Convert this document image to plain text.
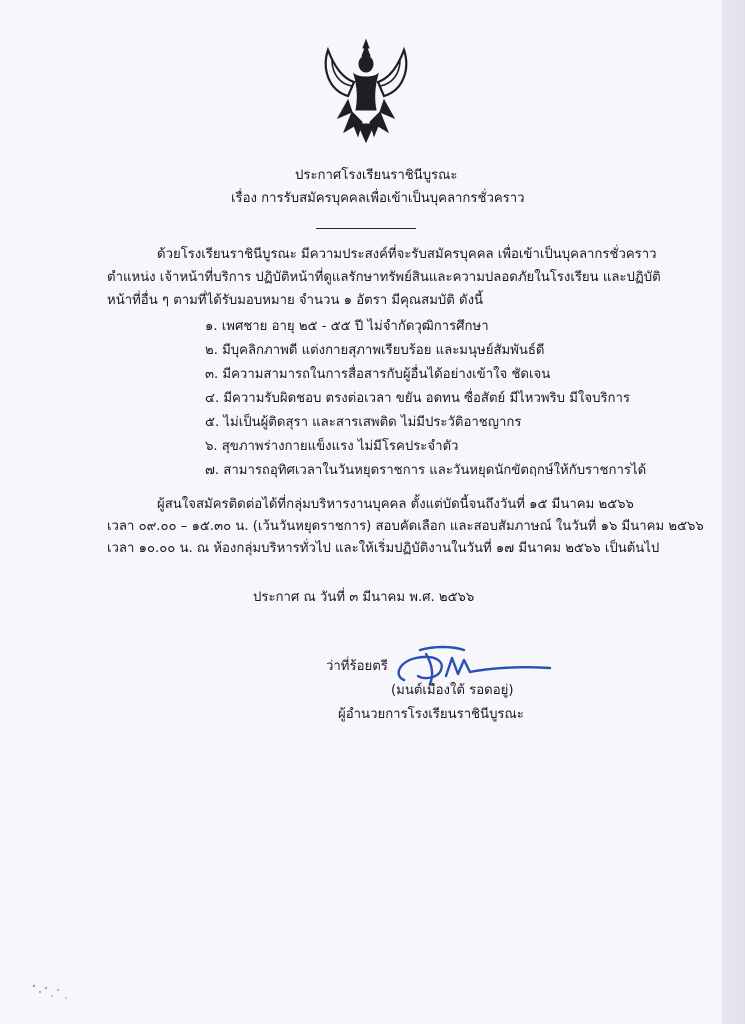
ประกาศโรงเรียนราชินีบูรณะ
เรื่อง การรับสมัครบุคคลเพื่อเข้าเป็นบุคลากรชั่วคราว
ด้วยโรงเรียนราชินีบูรณะ มีความประสงค์ที่จะรับสมัครบุคคล เพื่อเข้าเป็นบุคลากรชั่วคราว
ตำแหน่ง เจ้าหน้าที่บริการ ปฏิบัติหน้าที่ดูแลรักษาทรัพย์สินและความปลอดภัยในโรงเรียน และปฏิบัติ
หน้าที่อื่น ๆ ตามที่ได้รับมอบหมาย จำนวน ๑ อัตรา มีคุณสมบัติ ดังนี้
๑. เพศชาย อายุ ๒๕ - ๕๕ ปี ไม่จำกัดวุฒิการศึกษา
๒. มีบุคลิกภาพดี แต่งกายสุภาพเรียบร้อย และมนุษย์สัมพันธ์ดี
๓. มีความสามารถในการสื่อสารกับผู้อื่นได้อย่างเข้าใจ ชัดเจน
๔. มีความรับผิดชอบ ตรงต่อเวลา ขยัน อดทน ซื่อสัตย์ มีไหวพริบ มีใจบริการ
๕. ไม่เป็นผู้ติดสุรา และสารเสพติด ไม่มีประวัติอาชญากร
๖. สุขภาพร่างกายแข็งแรง ไม่มีโรคประจำตัว
๗. สามารถอุทิศเวลาในวันหยุดราชการ และวันหยุดนักขัตฤกษ์ให้กับราชการได้
ผู้สนใจสมัครติดต่อได้ที่กลุ่มบริหารงานบุคคล ตั้งแต่บัดนี้จนถึงวันที่ ๑๕ มีนาคม ๒๕๖๖
เวลา ๐๙.๐๐ – ๑๕.๓๐ น. (เว้นวันหยุดราชการ) สอบคัดเลือก และสอบสัมภาษณ์ ในวันที่ ๑๖ มีนาคม ๒๕๖๖
เวลา ๑๐.๐๐ น. ณ ห้องกลุ่มบริหารทั่วไป และให้เริ่มปฏิบัติงานในวันที่ ๑๗ มีนาคม ๒๕๖๖ เป็นต้นไป
ประกาศ ณ วันที่ ๓ มีนาคม พ.ศ. ๒๕๖๖
ว่าที่ร้อยตรี
(มนต์เมืองใต้ รอดอยู่)
ผู้อำนวยการโรงเรียนราชินีบูรณะ
